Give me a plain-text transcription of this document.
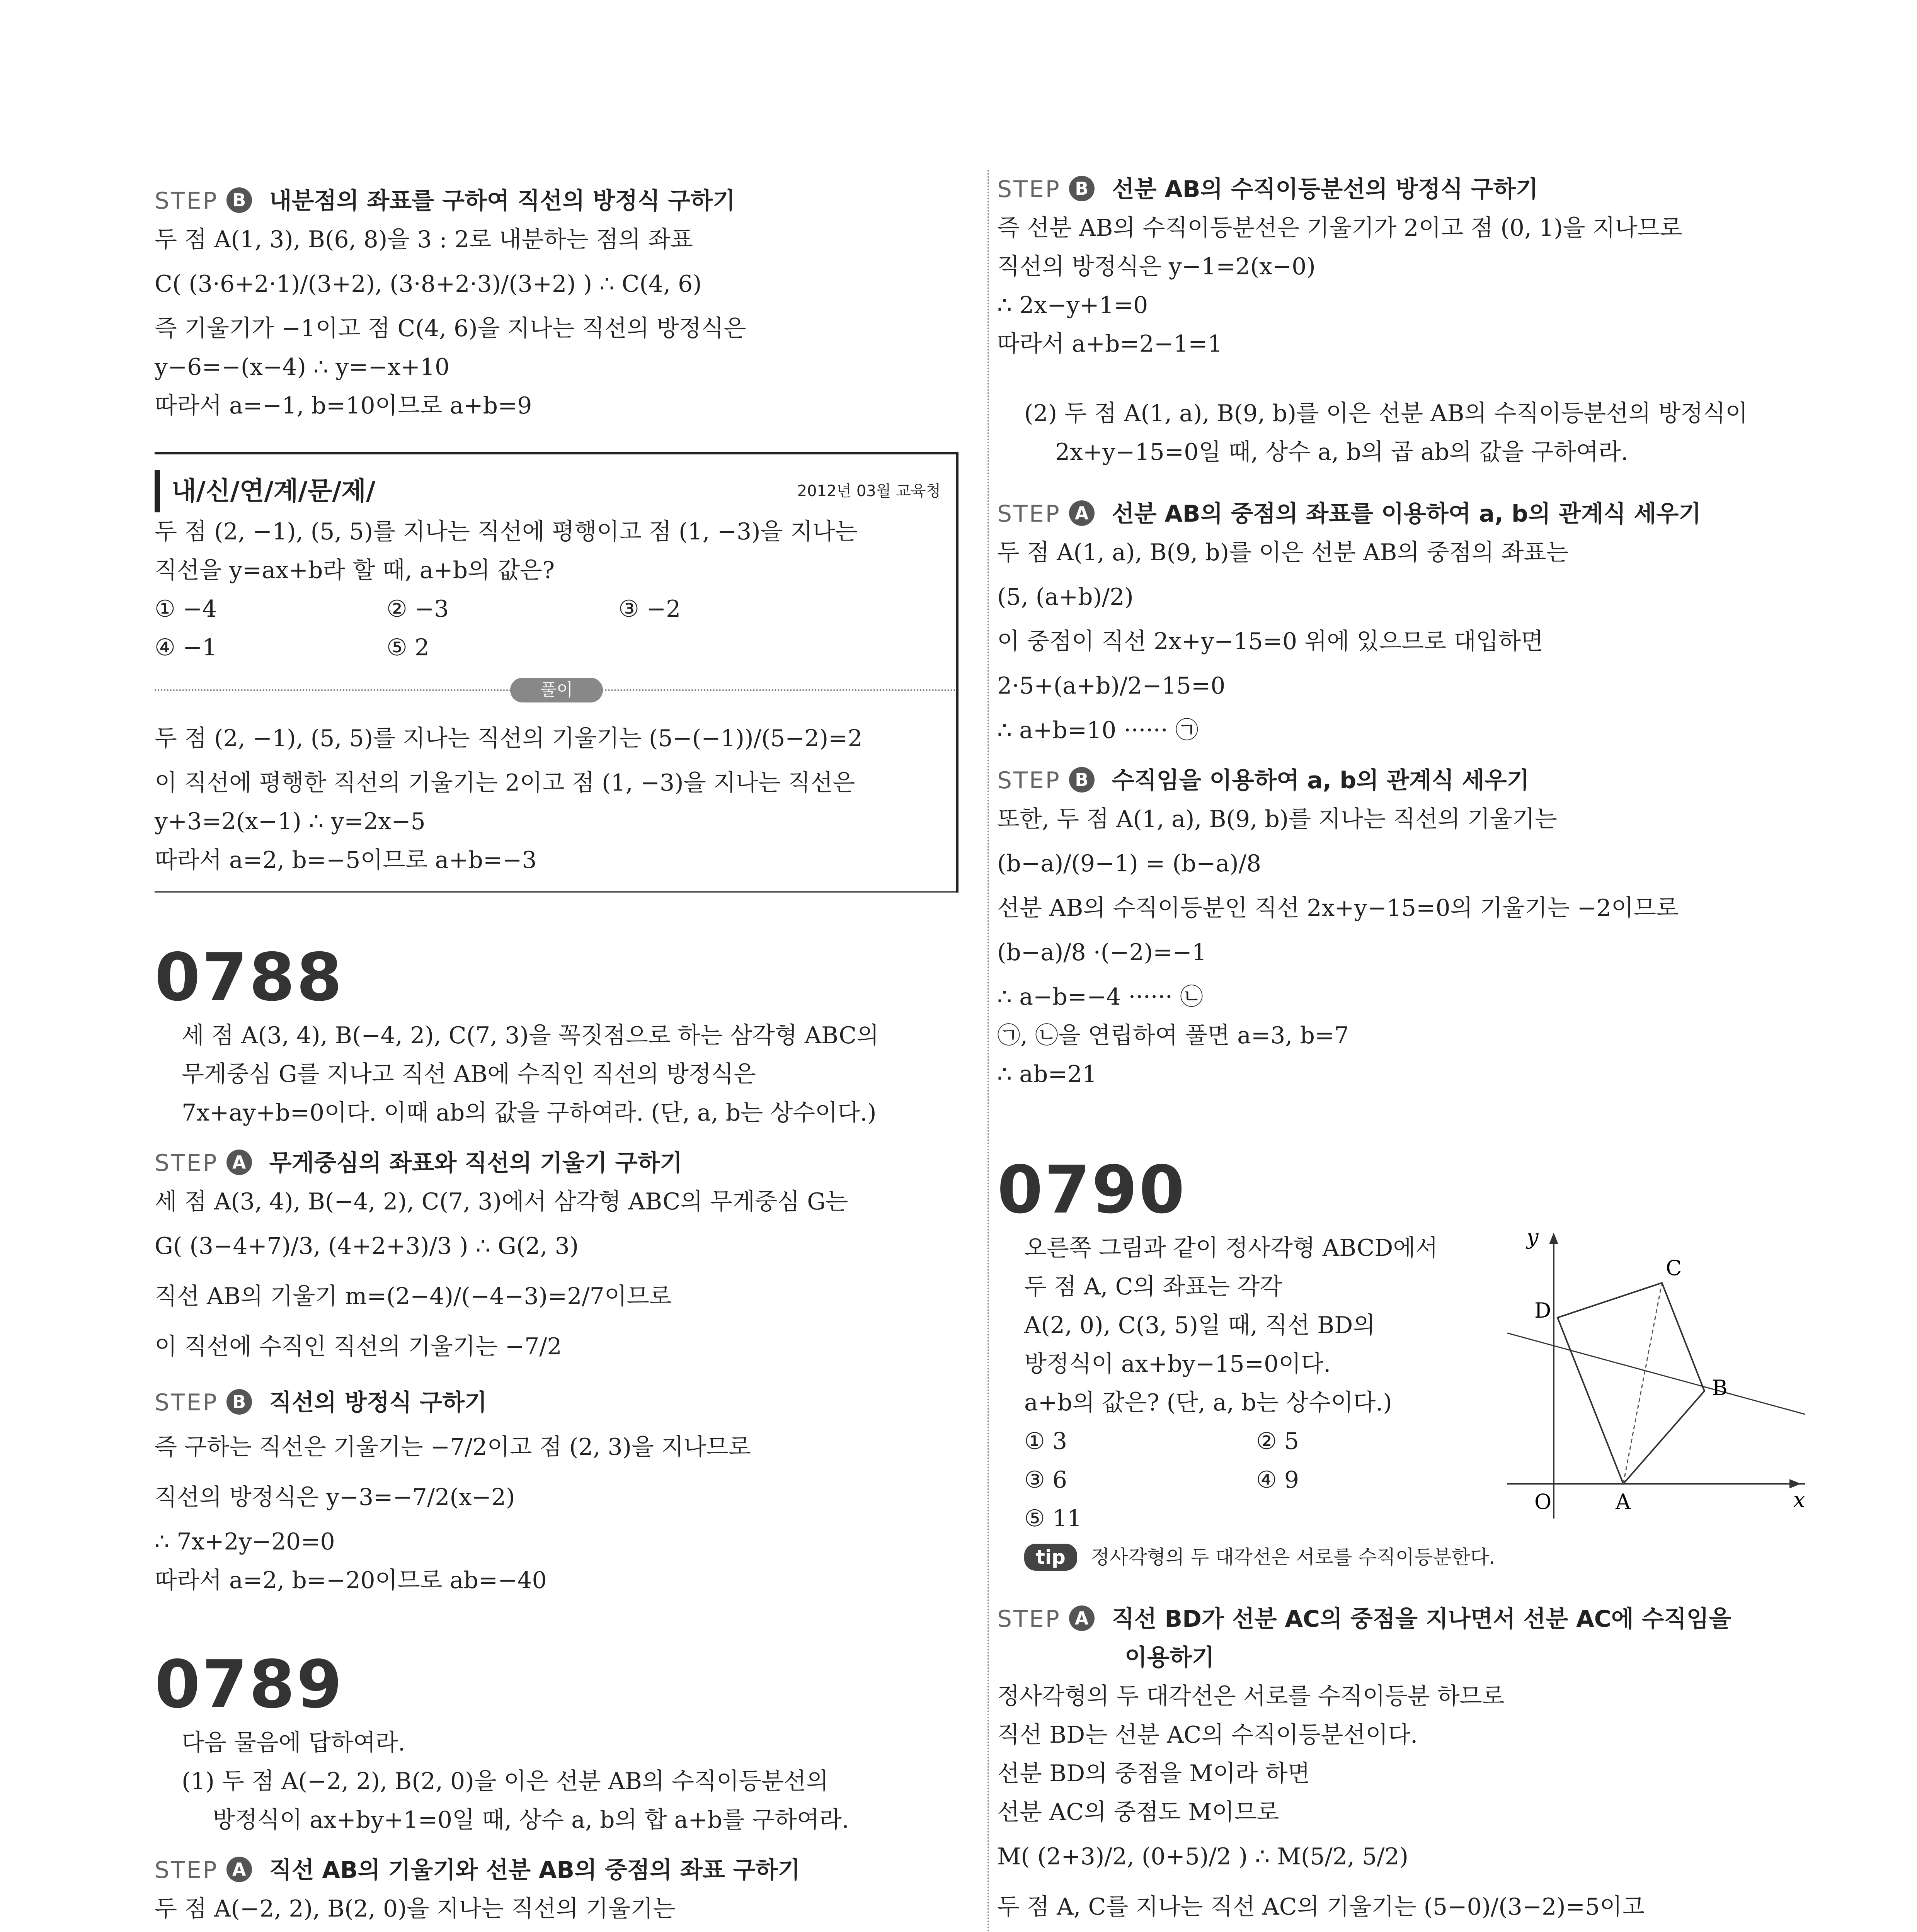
STEP B 내분점의 좌표를 구하여 직선의 방정식 구하기
두 점 A(1, 3), B(6, 8)을 3 : 2로 내분하는 점의 좌표
C( (3·6+2·1)/(3+2), (3·8+2·3)/(3+2) ) ∴ C(4, 6)
즉 기울기가 −1이고 점 C(4, 6)을 지나는 직선의 방정식은
y−6=−(x−4) ∴ y=−x+10
따라서 a=−1, b=10이므로 a+b=9
내/신/연/계/문/제/	2012년 03월 교육청
두 점 (2, −1), (5, 5)를 지나는 직선에 평행이고 점 (1, −3)을 지나는
직선을 y=ax+b라 할 때, a+b의 값은?
① −4	② −3	③ −2
④ −1	⑤ 2
풀이
두 점 (2, −1), (5, 5)를 지나는 직선의 기울기는 (5−(−1))/(5−2)=2
이 직선에 평행한 직선의 기울기는 2이고 점 (1, −3)을 지나는 직선은
y+3=2(x−1) ∴ y=2x−5
따라서 a=2, b=−5이므로 a+b=−3
0788
세 점 A(3, 4), B(−4, 2), C(7, 3)을 꼭짓점으로 하는 삼각형 ABC의
무게중심 G를 지나고 직선 AB에 수직인 직선의 방정식은
7x+ay+b=0이다. 이때 ab의 값을 구하여라. (단, a, b는 상수이다.)
STEP A 무게중심의 좌표와 직선의 기울기 구하기
세 점 A(3, 4), B(−4, 2), C(7, 3)에서 삼각형 ABC의 무게중심 G는
G( (3−4+7)/3, (4+2+3)/3 ) ∴ G(2, 3)
직선 AB의 기울기 m=(2−4)/(−4−3)=2/7이므로
이 직선에 수직인 직선의 기울기는 −7/2
STEP B 직선의 방정식 구하기
즉 구하는 직선은 기울기는 −7/2이고 점 (2, 3)을 지나므로
직선의 방정식은 y−3=−7/2(x−2)
∴ 7x+2y−20=0
따라서 a=2, b=−20이므로 ab=−40
0789
다음 물음에 답하여라.
(1) 두 점 A(−2, 2), B(2, 0)을 이은 선분 AB의 수직이등분선의
방정식이 ax+by+1=0일 때, 상수 a, b의 합 a+b를 구하여라.
STEP A 직선 AB의 기울기와 선분 AB의 중점의 좌표 구하기
두 점 A(−2, 2), B(2, 0)을 지나는 직선의 기울기는
STEP B 선분 AB의 수직이등분선의 방정식 구하기
즉 선분 AB의 수직이등분선은 기울기가 2이고 점 (0, 1)을 지나므로
직선의 방정식은 y−1=2(x−0)
∴ 2x−y+1=0
따라서 a+b=2−1=1
(2) 두 점 A(1, a), B(9, b)를 이은 선분 AB의 수직이등분선의 방정식이
2x+y−15=0일 때, 상수 a, b의 곱 ab의 값을 구하여라.
STEP A 선분 AB의 중점의 좌표를 이용하여 a, b의 관계식 세우기
두 점 A(1, a), B(9, b)를 이은 선분 AB의 중점의 좌표는
(5, (a+b)/2)
이 중점이 직선 2x+y−15=0 위에 있으므로 대입하면
2·5+(a+b)/2−15=0
∴ a+b=10 ······ ㉠
STEP B 수직임을 이용하여 a, b의 관계식 세우기
또한, 두 점 A(1, a), B(9, b)를 지나는 직선의 기울기는
(b−a)/(9−1) = (b−a)/8
선분 AB의 수직이등분인 직선 2x+y−15=0의 기울기는 −2이므로
(b−a)/8 ·(−2)=−1
∴ a−b=−4 ······ ㉡
㉠, ㉡을 연립하여 풀면 a=3, b=7
∴ ab=21
0790
오른쪽 그림과 같이 정사각형 ABCD에서
두 점 A, C의 좌표는 각각
A(2, 0), C(3, 5)일 때, 직선 BD의
방정식이 ax+by−15=0이다.
a+b의 값은? (단, a, b는 상수이다.)
① 3	② 5
③ 6	④ 9
⑤ 11
tip 정사각형의 두 대각선은 서로를 수직이등분한다.
y
x
O	A
B
C
D
STEP A 직선 BD가 선분 AC의 중점을 지나면서 선분 AC에 수직임을
이용하기
정사각형의 두 대각선은 서로를 수직이등분 하므로
직선 BD는 선분 AC의 수직이등분선이다.
선분 BD의 중점을 M이라 하면
선분 AC의 중점도 M이므로
M( (2+3)/2, (0+5)/2 ) ∴ M(5/2, 5/2)
두 점 A, C를 지나는 직선 AC의 기울기는 (5−0)/(3−2)=5이고
